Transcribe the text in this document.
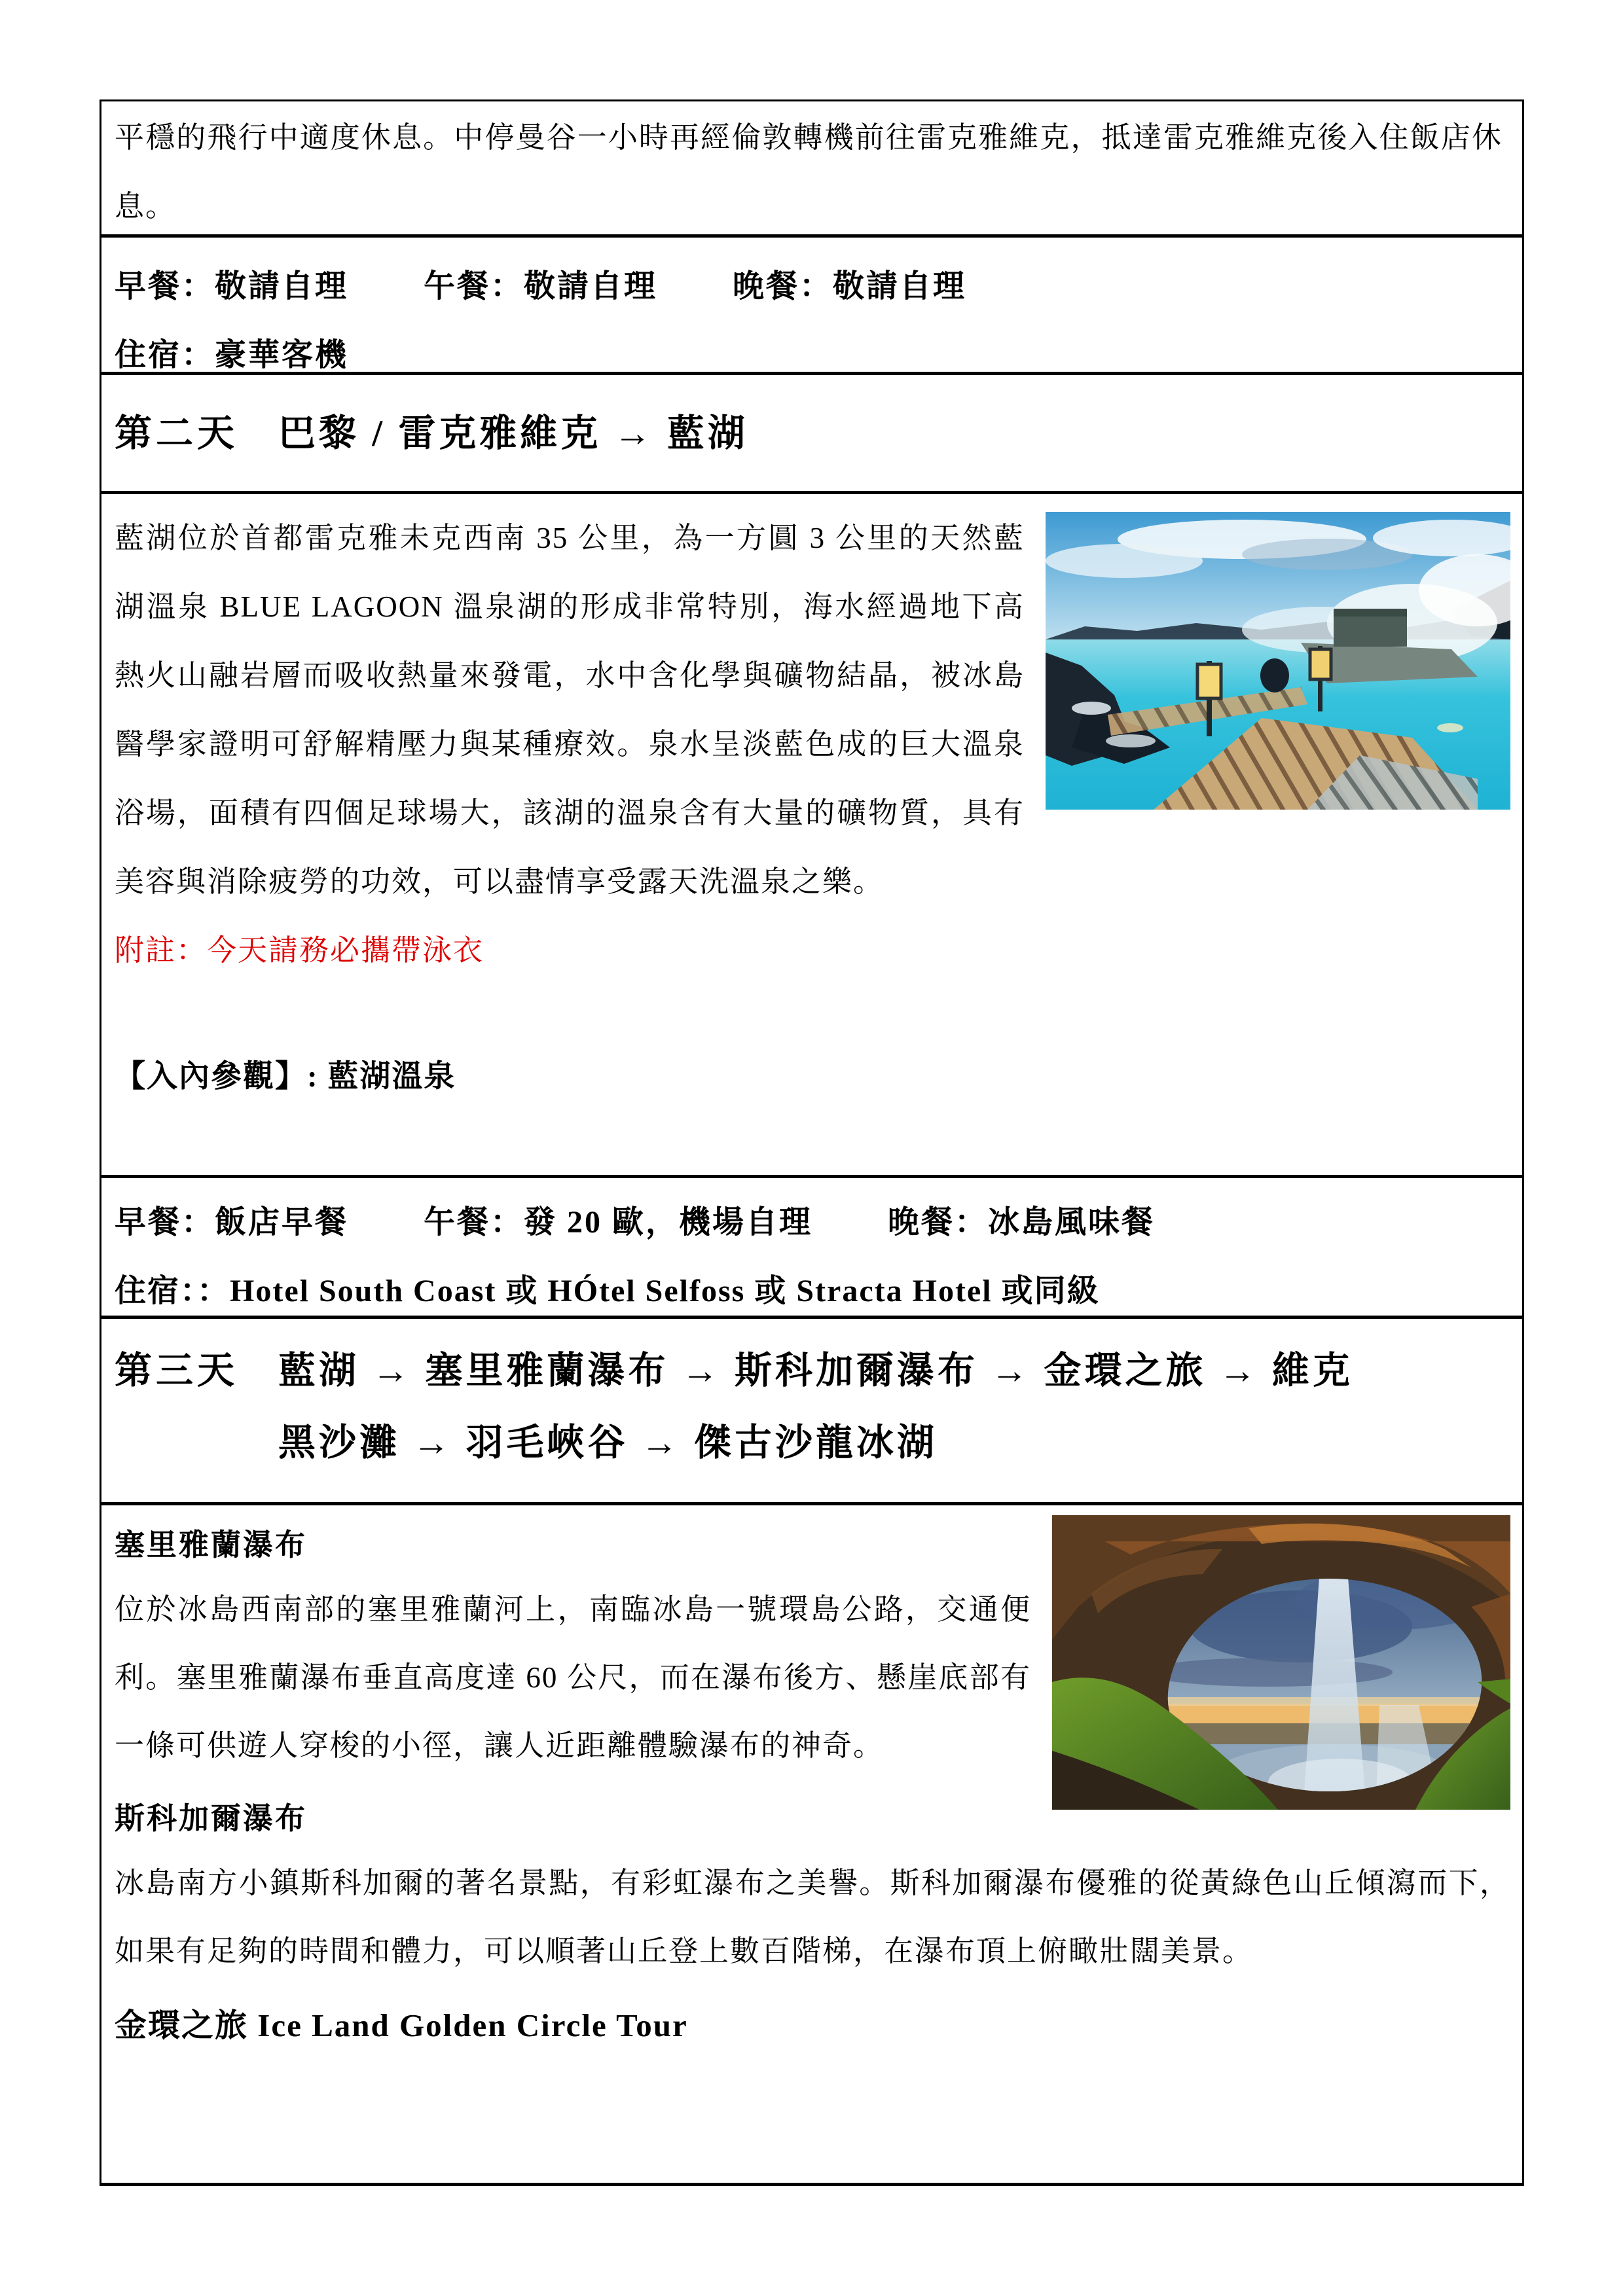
平穩的飛行中適度休息。中停曼谷一小時再經倫敦轉機前往雷克雅維克，抵達雷克雅維克後入住飯店休息。
早餐：敬請自理 午餐：敬請自理 晚餐：敬請自理
住宿：豪華客機
第二天	巴黎 / 雷克雅維克 → 藍湖
藍湖位於首都雷克雅未克西南 35 公里，為一方圓 3 公里的天然藍湖溫泉 BLUE LAGOON 溫泉湖的形成非常特別，海水經過地下高熱火山融岩層而吸收熱量來發電，水中含化學與礦物結晶，被冰島醫學家證明可舒解精壓力與某種療效。泉水呈淡藍色成的巨大溫泉浴場，面積有四個足球場大，該湖的溫泉含有大量的礦物質，具有美容與消除疲勞的功效，可以盡情享受露天洗溫泉之樂。
附註：今天請務必攜帶泳衣
【入內參觀】: 藍湖溫泉
早餐：飯店早餐 午餐：發 20 歐，機場自理 晚餐：冰島風味餐
住宿：：Hotel South Coast 或 HÓtel Selfoss 或 Stracta Hotel 或同級
第三天	藍湖 → 塞里雅蘭瀑布 → 斯科加爾瀑布 → 金環之旅 → 維克
黑沙灘 → 羽毛峽谷 → 傑古沙龍冰湖
塞里雅蘭瀑布
位於冰島西南部的塞里雅蘭河上，南臨冰島一號環島公路，交通便利。塞里雅蘭瀑布垂直高度達 60 公尺，而在瀑布後方、懸崖底部有一條可供遊人穿梭的小徑，讓人近距離體驗瀑布的神奇。
斯科加爾瀑布
冰島南方小鎮斯科加爾的著名景點，有彩虹瀑布之美譽。斯科加爾瀑布優雅的從黃綠色山丘傾瀉而下，如果有足夠的時間和體力，可以順著山丘登上數百階梯，在瀑布頂上俯瞰壯闊美景。
金環之旅 Ice Land Golden Circle Tour
